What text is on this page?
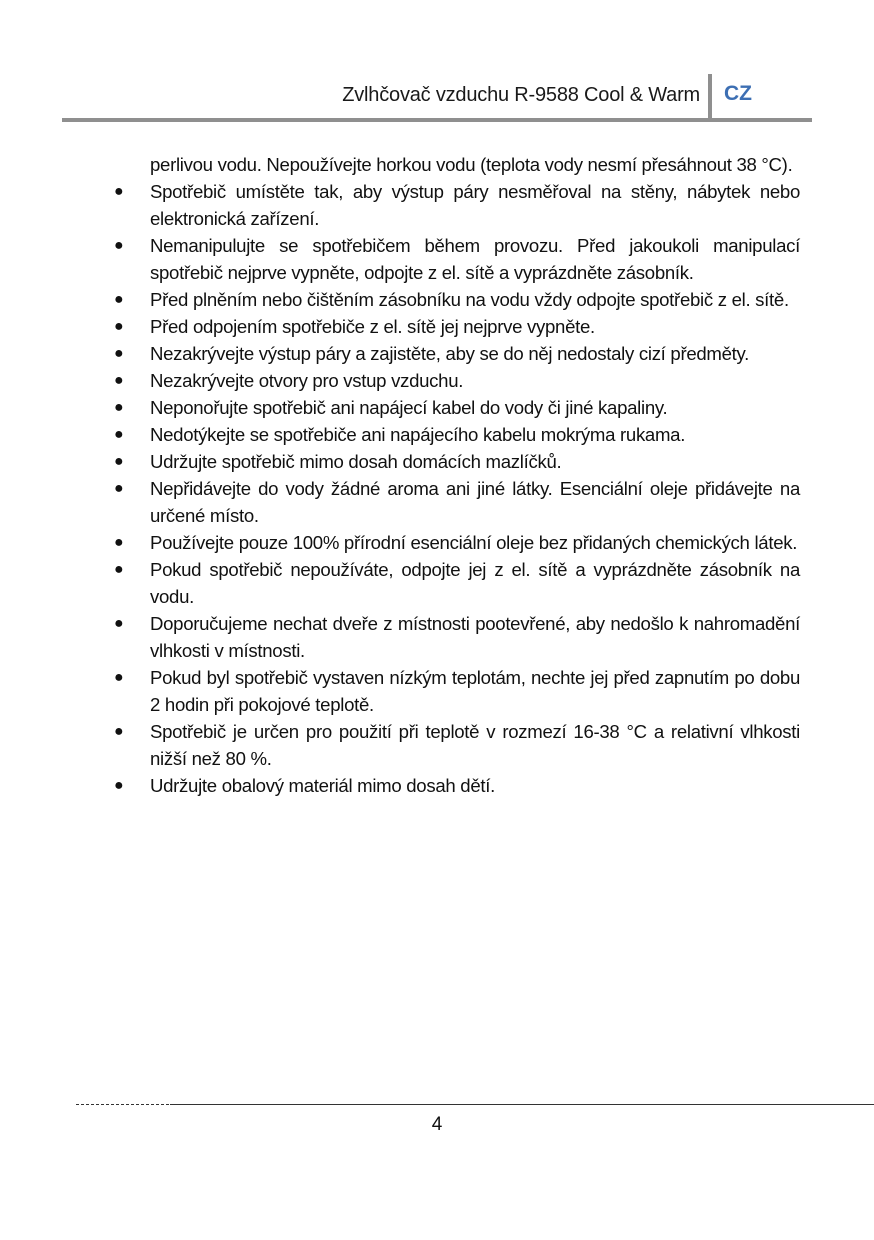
Zvlhčovač vzduchu R-9588 Cool & Warm CZ
perlivou vodu. Nepoužívejte horkou vodu (teplota vody nesmí přesáhnout 38 °C).
● Spotřebič umístěte tak, aby výstup páry nesměřoval na stěny, nábytek nebo elektronická zařízení.
● Nemanipulujte se spotřebičem během provozu. Před jakoukoli manipulací spotřebič nejprve vypněte, odpojte z el. sítě a vyprázdněte zásobník.
● Před plněním nebo čištěním zásobníku na vodu vždy odpojte spotřebič z el. sítě.
● Před odpojením spotřebiče z el. sítě jej nejprve vypněte.
● Nezakrývejte výstup páry a zajistěte, aby se do něj nedostaly cizí předměty.
● Nezakrývejte otvory pro vstup vzduchu.
● Neponořujte spotřebič ani napájecí kabel do vody či jiné kapaliny.
● Nedotýkejte se spotřebiče ani napájecího kabelu mokrýma rukama.
● Udržujte spotřebič mimo dosah domácích mazlíčků.
● Nepřidávejte do vody žádné aroma ani jiné látky. Esenciální oleje přidávejte na určené místo.
● Používejte pouze 100% přírodní esenciální oleje bez přidaných chemických látek.
● Pokud spotřebič nepoužíváte, odpojte jej z el. sítě a vyprázdněte zásobník na vodu.
● Doporučujeme nechat dveře z místnosti pootevřené, aby nedošlo k nahromadění vlhkosti v místnosti.
● Pokud byl spotřebič vystaven nízkým teplotám, nechte jej před zapnutím po dobu 2 hodin při pokojové teplotě.
● Spotřebič je určen pro použití při teplotě v rozmezí 16-38 °C a relativní vlhkosti nižší než 80 %.
● Udržujte obalový materiál mimo dosah dětí.
4
